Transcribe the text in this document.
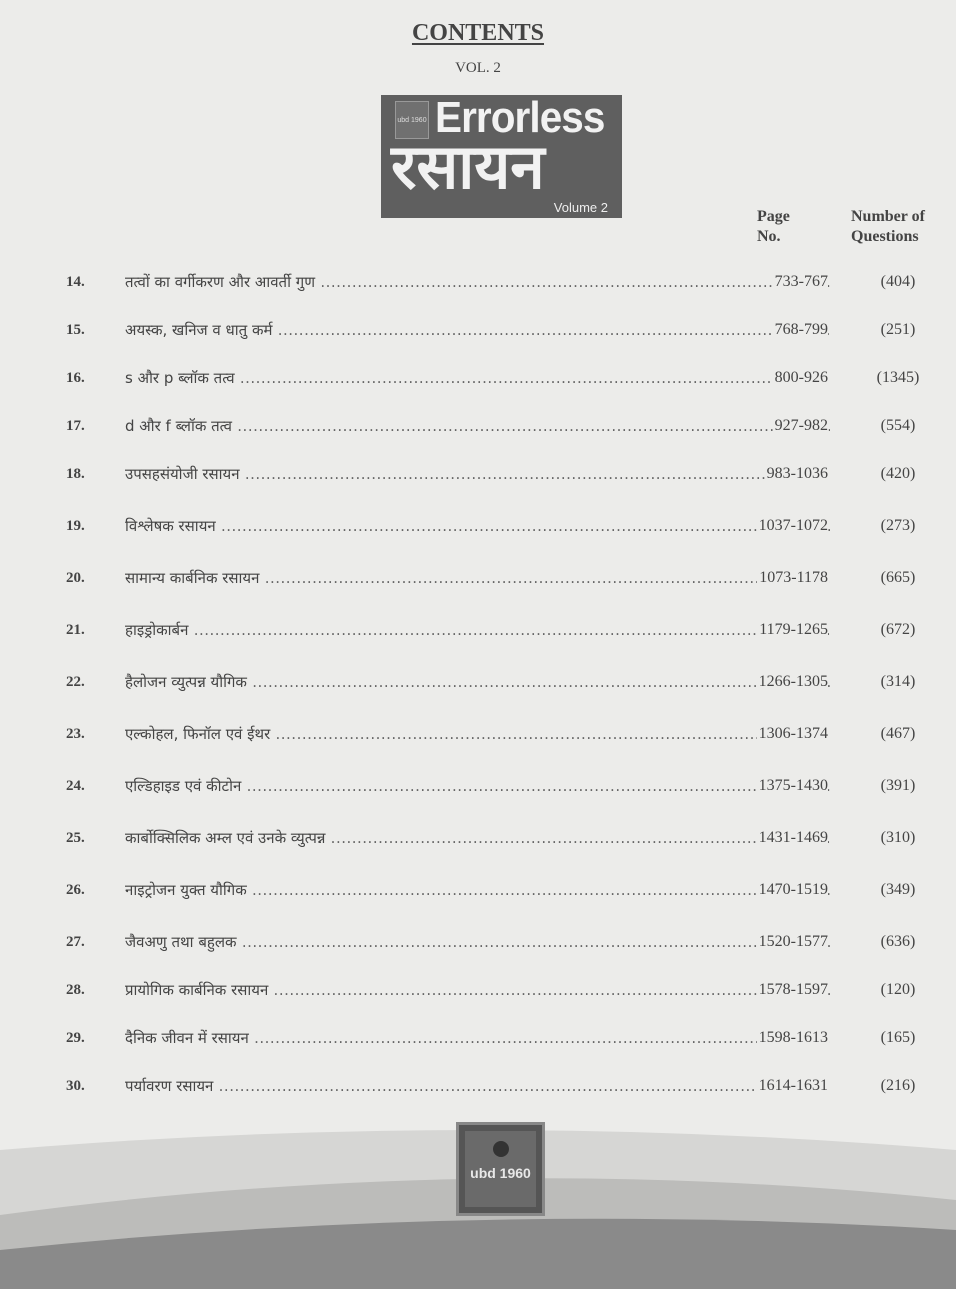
CONTENTS
VOL. 2
ubd 1960 Errorless
रसायन
Volume 2
Page
No.
Number of
Questions
14.	तत्वों का वर्गीकरण और आवर्ती गुण .....	733-767	(404)
15.	अयस्क, खनिज व धातु कर्म .....	768-799	(251)
16.	s और p ब्लॉक तत्व .....	800-926	(1345)
17.	d और f ब्लॉक तत्व .....	927-982	(554)
18.	उपसहसंयोजी रसायन .....	983-1036	(420)
19.	विश्लेषक रसायन .....	1037-1072	(273)
20.	सामान्य कार्बनिक रसायन .....	1073-1178	(665)
21.	हाइड्रोकार्बन .....	1179-1265	(672)
22.	हैलोजन व्युत्पन्न यौगिक .....	1266-1305	(314)
23.	एल्कोहल, फिनॉल एवं ईथर .....	1306-1374	(467)
24.	एल्डिहाइड एवं कीटोन .....	1375-1430	(391)
25.	कार्बोक्सिलिक अम्ल एवं उनके व्युत्पन्न .....	1431-1469	(310)
26.	नाइट्रोजन युक्त यौगिक .....	1470-1519	(349)
27.	जैवअणु तथा बहुलक .....	1520-1577	(636)
28.	प्रायोगिक कार्बनिक रसायन .....	1578-1597	(120)
29.	दैनिक जीवन में रसायन .....	1598-1613	(165)
30.	पर्यावरण रसायन .....	1614-1631	(216)
ubd 1960
